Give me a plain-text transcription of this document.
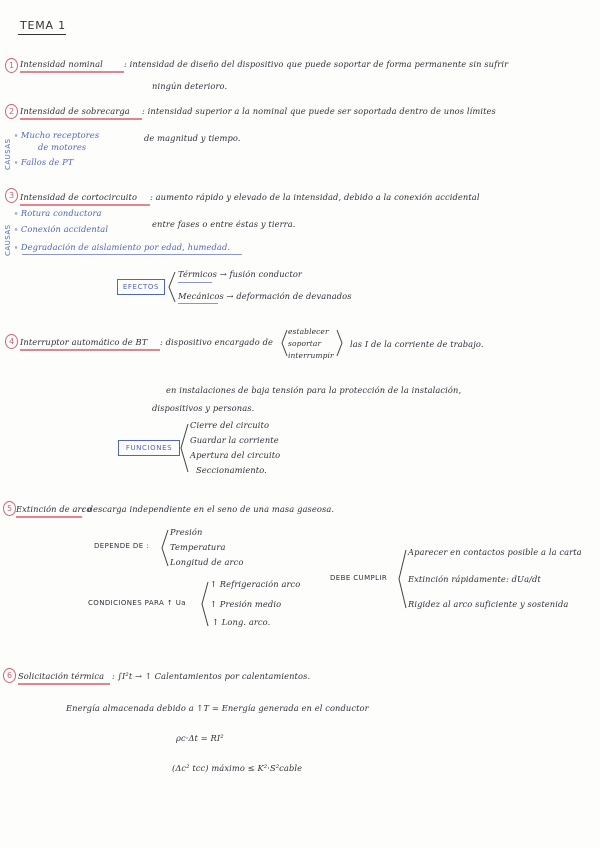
TEMA 1
1 Intensidad nominal	: intensidad de diseño del dispositivo que puede soportar de forma permanente sin sufrir
ningún deterioro.
2 Intensidad de sobrecarga : intensidad superior a la nominal que puede ser soportada dentro de unos límites
de magnitud y tiempo.
CAUSAS
∘ Mucho receptores
de motores
∘ Fallos de PT
3 Intensidad de cortocircuito : aumento rápido y elevado de la intensidad, debido a la conexión accidental
entre fases o entre éstas y tierra.
CAUSAS
∘ Rotura conductora
∘ Conexión accidental
∘ Degradación de aislamiento por edad, humedad.
EFECTOS
Térmicos → fusión conductor
Mecánicos → deformación de devanados
4 Interruptor automático de BT : dispositivo encargado de
establecer
soportar
interrumpir
las I de la corriente de trabajo.
en instalaciones de baja tensión para la protección de la instalación,
dispositivos y personas.
FUNCIONES
Cierre del circuito
Guardar la corriente
Apertura del circuito
Seccionamiento.
5 Extinción de arco
: descarga independiente en el seno de una masa gaseosa.
DEPENDE DE :
Presión
Temperatura
Longitud de arco
CONDICIONES PARA ↑ Ua
↑ Refrigeración arco
↑ Presión medio
↑ Long. arco.
DEBE CUMPLIR
Aparecer en contactos posible a la carta
Extinción rápidamente: dUa/dt
Rigidez al arco suficiente y sostenida
6 Solicitación térmica : ∫I²t → ↑ Calentamientos por calentamientos.
Energía almacenada debido a ↑T = Energía generada en el conductor
ρc·Δt = RI²
(Δc² tcc) máximo ≤ K²·S²cable
